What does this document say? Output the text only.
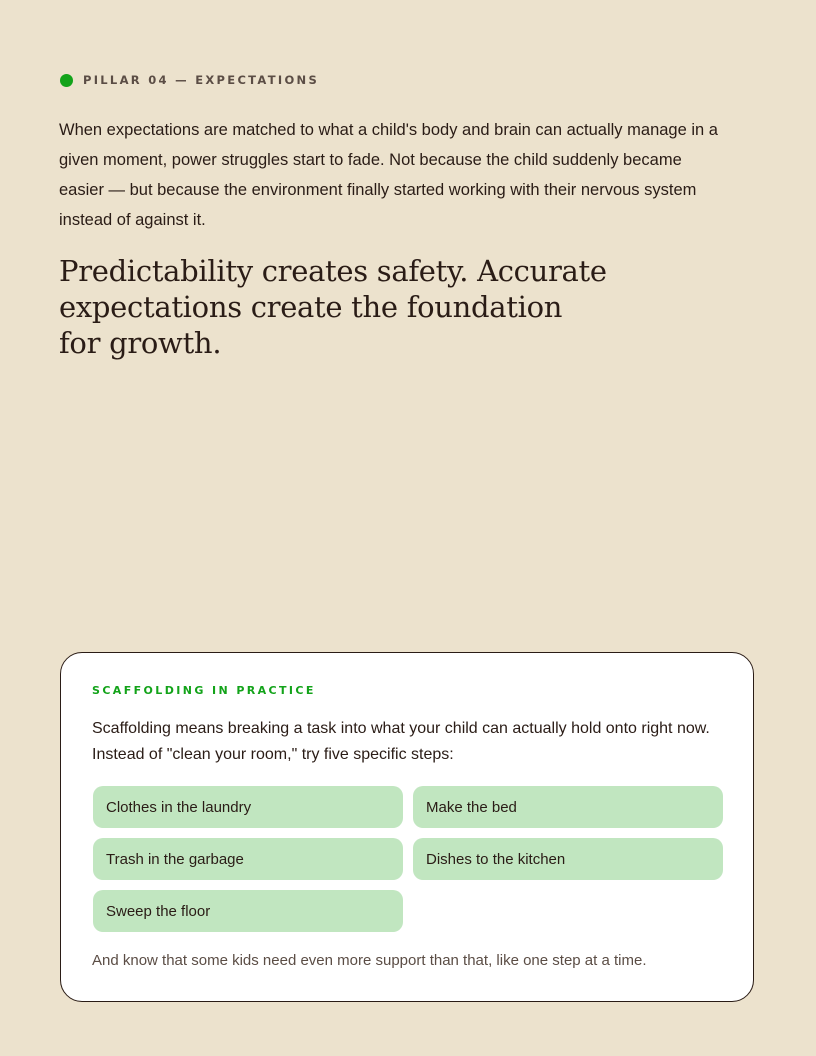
PILLAR 04 — EXPECTATIONS

When expectations are matched to what a child's body and brain can actually manage in a given moment, power struggles start to fade. Not because the child suddenly became easier — but because the environment finally started working with their nervous system instead of against it.

Predictability creates safety. Accurate
expectations create the foundation
for growth.
SCAFFOLDING IN PRACTICE

Scaffolding means breaking a task into what your child can actually hold onto right now. Instead of "clean your room," try five specific steps:

Clothes in the laundry	Make the bed
Trash in the garbage	Dishes to the kitchen
Sweep the floor

And know that some kids need even more support than that, like one step at a time.
